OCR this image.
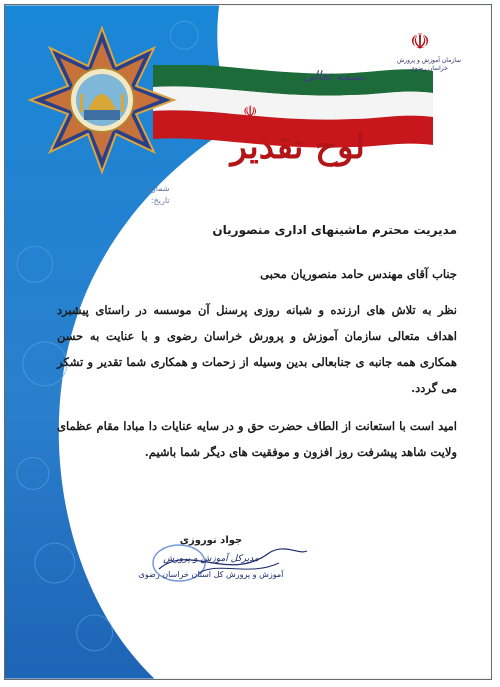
☫
☫
سازمان آموزش و پرورش خراسان رضوی
بسمه تعالی
لوح تقدیر
شماره:
تاریخ:
مدیریت محترم ماشینهای اداری منصوریان

جناب آقای مهندس حامد منصوریان محبی

نظر به تلاش های ارزنده و شبانه روزی پرسنل آن موسسه در راستای پیشبرد اهداف متعالی سازمان آموزش و پرورش خراسان رضوی و با عنایت به حسن همکاری همه جانبه ی جنابعالی بدین وسیله از زحمات و همکاری شما تقدیر و تشکر می گردد.

امید است با استعانت از الطاف حضرت حق و در سایه عنایات دا مبادا مقام عظمای ولایت شاهد پیشرفت روز افزون و موفقیت های دیگر شما باشیم.

جواد نوروزی
مدیرکل آموزش و پرورش
آموزش و پرورش کل استان خراسان رضوی
